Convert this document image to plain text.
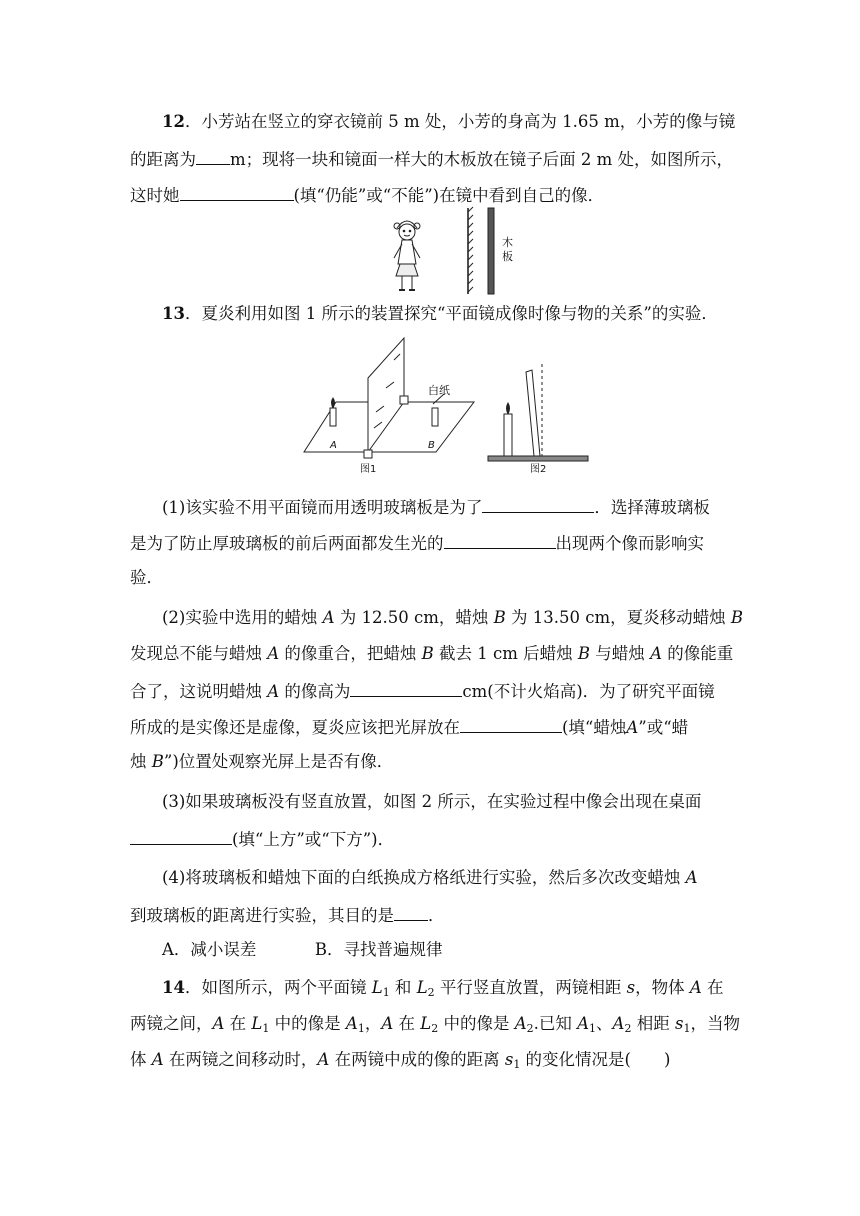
12．小芳站在竖立的穿衣镜前 5 m 处，小芳的身高为 1.65 m，小芳的像与镜
的距离为 m；现将一块和镜面一样大的木板放在镜子后面 2 m 处，如图所示，
这时她	(填“仍能”或“不能”)在镜中看到自己的像．
木
板
13．夏炎利用如图 1 所示的装置探究“平面镜成像时像与物的关系”的实验．
白纸
A	B
图1	图2
(1)该实验不用平面镜而用透明玻璃板是为了	．选择薄玻璃板
是为了防止厚玻璃板的前后两面都发生光的	出现两个像而影响实
验．
(2)实验中选用的蜡烛 A 为 12.50 cm，蜡烛 B 为 13.50 cm，夏炎移动蜡烛 B
发现总不能与蜡烛 A 的像重合，把蜡烛 B 截去 1 cm 后蜡烛 B 与蜡烛 A 的像能重
合了，这说明蜡烛 A 的像高为	cm(不计火焰高)．为了研究平面镜
所成的是实像还是虚像，夏炎应该把光屏放在	(填“蜡烛A”或“蜡
烛 B”)位置处观察光屏上是否有像．
(3)如果玻璃板没有竖直放置，如图 2 所示，在实验过程中像会出现在桌面
(填“上方”或“下方”)．
(4)将玻璃板和蜡烛下面的白纸换成方格纸进行实验，然后多次改变蜡烛 A
到玻璃板的距离进行实验，其目的是 ．
A．减小误差	B．寻找普遍规律
14．如图所示，两个平面镜 $L_1$ 和 $L_2$ 平行竖直放置，两镜相距 s，物体 A 在
两镜之间，A 在 $L_1$ 中的像是 $A_1$，A 在 $L_2$ 中的像是 $A_2$.已知 $A_1$、$A_2$ 相距 $s_1$，当物
体 A 在两镜之间移动时，A 在两镜中成的像的距离 $s_1$ 的变化情况是(　　)
